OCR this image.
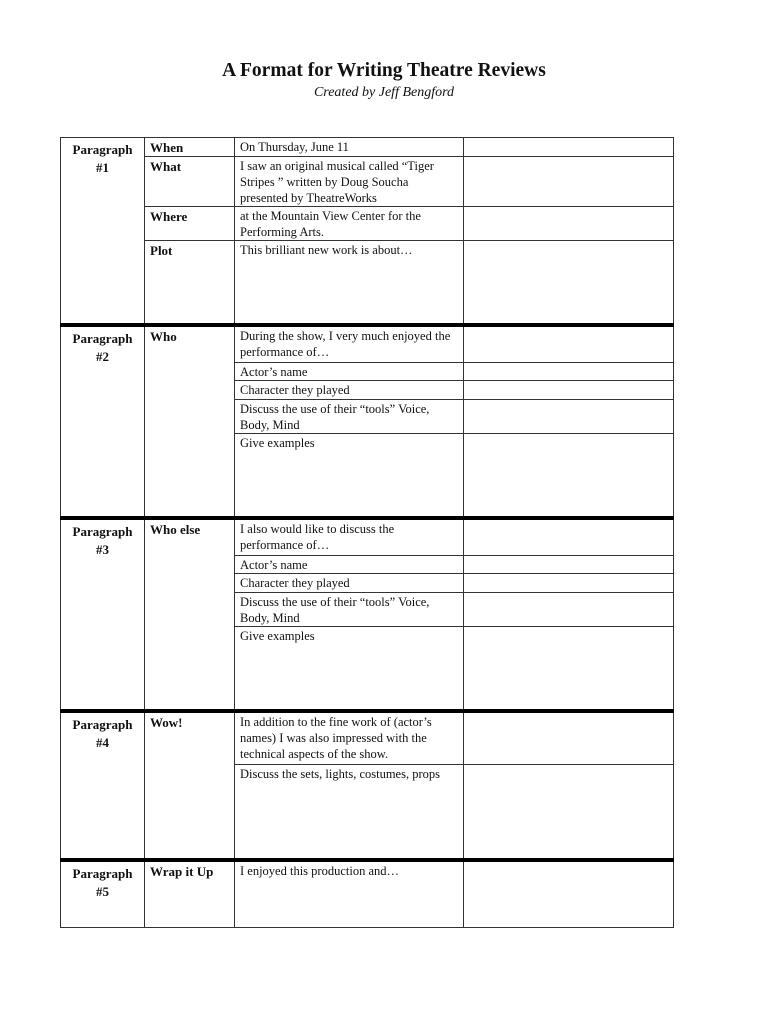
A Format for Writing Theatre Reviews
Created by Jeff Bengford
Paragraph #1	When	On Thursday, June 11	
	What	I saw an original musical called “Tiger Stripes ” written by Doug Soucha presented by TheatreWorks	
	Where	at the Mountain View Center for the Performing Arts.	
	Plot	This brilliant new work is about…	
Paragraph #2	Who	During the show, I very much enjoyed the performance of…	
		Actor’s name	
		Character they played	
		Discuss the use of their “tools” Voice, Body, Mind	
		Give examples	
Paragraph #3	Who else	I also would like to discuss the performance of…	
		Actor’s name	
		Character they played	
		Discuss the use of their “tools” Voice, Body, Mind	
		Give examples	
Paragraph #4	Wow!	In addition to the fine work of (actor’s names) I was also impressed with the technical aspects of the show.	
		Discuss the sets, lights, costumes, props	
Paragraph #5	Wrap it Up	I enjoyed this production and…	
